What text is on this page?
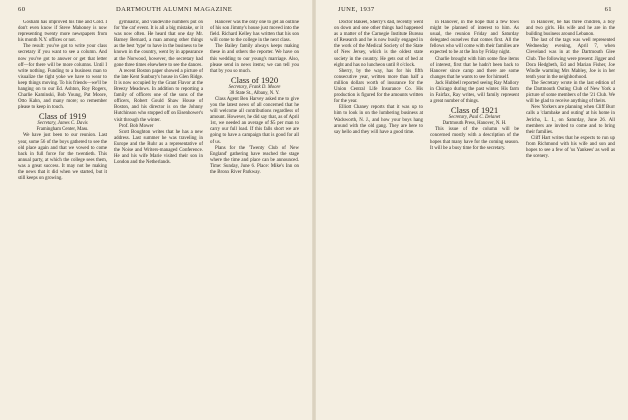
60	DARTMOUTH ALUMNI MAGAZINE

Gosham has improved his fine and Cold. I don't even know if Steve Mahoney is now representing twenty more newspapers from his month N.Y. offices or not.

The result: you've got to write your class secretary if you want to see a column. And now you've got to answer or get that letter off—for there will be more columns. Until I write nothing. Funding to a business man to visualize the tight yoke we have to wear to keep things moving. To his friends—we'll be hanging on to our Ed. Ashton, Roy Rogers, Charlie Kaminski, Bob Young, Pat Moore, Otto Kahn, and many more; so remember please to keep in touch.

Class of 1919

Secretary, James C. Davis

Framingham Center, Mass.

We have just been to our reunion. Last year, some 56 of the boys gathered to see the old place again and that we vowed to come back in full force for the twentieth. This annual party, at which the college sees them, was a great success. It may not be making the news that it did when we started, but it still keeps on growing.

gymnastic, and vaudeville numbers put on for 'the cat' event. It is all a big mistake, or it was now often. He heard that one day Mr. Barney Bernard, a man among other things as the best 'type' to have in the business to be known in the country, went by in appearance at the Norwood, however, the secretary had gone three times elsewhere to see the dances.

A recent Boston paper showed a picture of the late Kent Sunbury's house in Glen Ridge. It is now occupied by the Grant Flavor at the Breezy Meadows. In addition to reporting a family of officers one of the sons of the officers, Robert Gould Shaw House of Boston, and his director is on the Johnny Hutchinson who stopped off on Eisenhower's visit through the winter.

Prof. Bob Mower

Scott Boughton writes that he has a new address. Last summer he was traveling in Europe and the Ruhr as a representative of the Noise and Writers-managed Conference. He and his wife Marie visited their son in London and the Netherlands.

Hanover was the only one to get an outline of his son Jimmy's house just moved into the field. Richard Kelley has written that his son will come to the college in the next class.

The Bailey family always keeps making these in and others the reporter. We have on this wedding to our young's marriage. Also, please send in news items; we can tell you that by you so much.

Class of 1920

Secretary, Frank D. Moore

38 State St., Albany, N. Y.

Class Agent Ben Harvey asked me to give you the latest news of all concerned that he will welcome all contributions regardless of amount. However, he did say that, as of April 1st, we needed an average of $5 per man to carry our full load. If this falls short we are going to have a campaign that is good for all of us.

Plans for the 'Twenty Club of New England' gathering have reached the stage where the time and place can be announced. Time: Sunday, June 6. Place: Mike's Inn on the Bronx River Parkway.

JUNE, 1937	61

Doctor Bakeel, Sherry's dad, recently went on down and one other things had happened as a matter of the Carnegie Institute Bureau of Research and he is now busily engaged in the work of the Medical Society of the State of New Jersey, which is the oldest state society in the country. He gets out of bed at eight and has no luncheon until 8 o'clock.

Sherry, by the way, has for his fifth consecutive year, written more than half a million dollars worth of insurance for the Union Central Life Insurance Co. His production is figured for the amounts written for the year.

Elliott Chaney reports that it was up to him to look in on the lumbering business at Wadsworth, N. J., and how your boys hang around with the old gang. They are here to say hello and they will have a good time.

in Hanover, in the hope that a few tows might be planned of interest to him. As usual, the reunion Friday and Saturday delegated ourselves that comes first. All the fellows who will come with their families are expected to be at the Inn by Friday night.

Charlie brought with him some fine items of interest, first that he hadn't been back to Hanover since camp and there are some changes that he wants to see for himself.

Jack Hubbell reported seeing Ray Mallory in Chicago during the past winter. His farm in Fairfax, Ray writes, will family represent a great number of things.

Class of 1921

Secretary, Paul C. Delanet

Dartmouth Press, Hanover, N. H.

This issue of the column will be concerned mostly with a description of the hopes that many have for the coming season. It will be a busy time for the secretary.

in Hanover, he has three children, a boy and two girls. His wife and he are in the building business around Lebanon.

The last of the tags was well represented Wednesday evening, April 7, when Cleveland was in at the Dartmouth Glee Club. The following were present: Jigger and Dora Hedgbeth, Ed and Marian Fisher, Joe Windle warming Mrs Mabley, Joe is in her tenth year in the neighborhood.

The Secretary wrote in the last edition of the Dartmouth Outing Club of New York a picture of some members of the '21 Club. We will be glad to receive anything of theirs.

New Yorkers are planning when Cliff Burr calls a 'clambake and outing' at his home in Jericho, L. I., on Saturday, June 26. All members are invited to come and to bring their families.

Cliff Hart writes that he expects to run up from Richmond with his wife and son and hopes to see a few of 'us Yankees' as well as the scenery.
